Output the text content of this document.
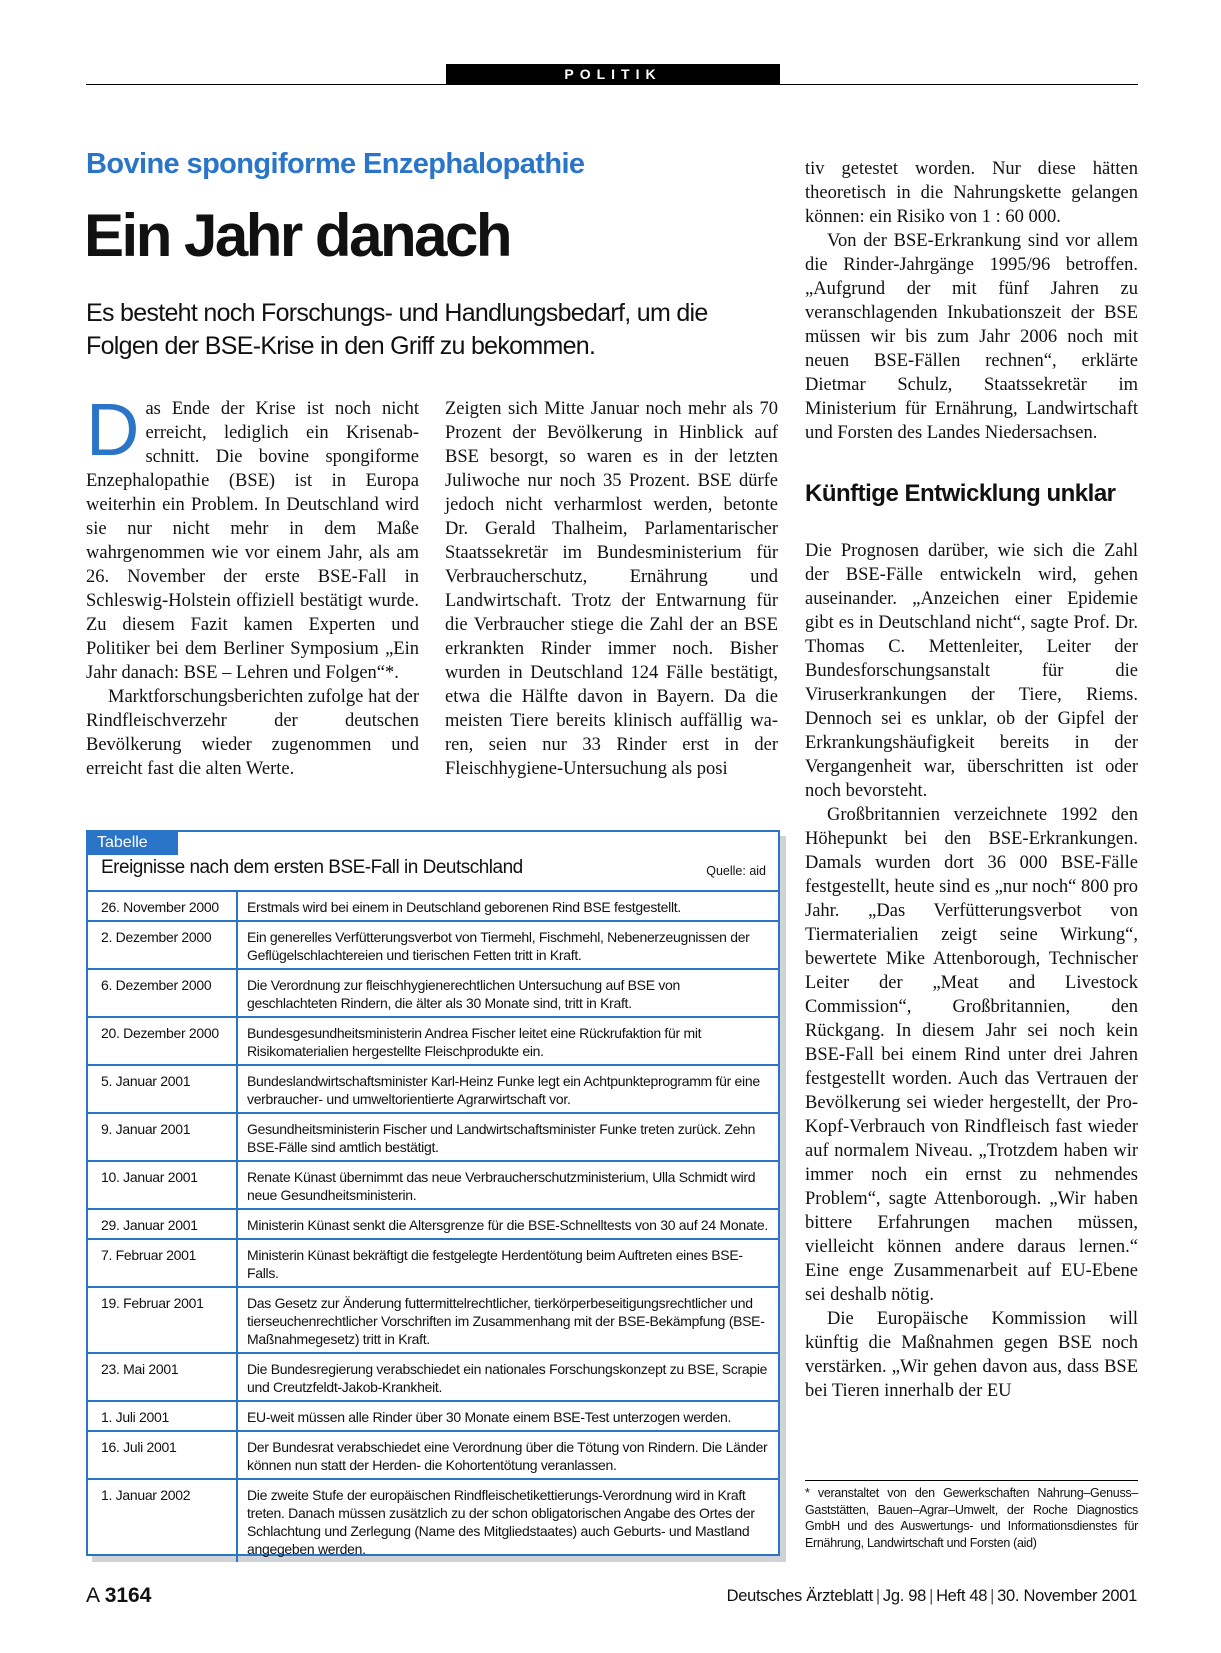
POLITIK
Bovine spongiforme Enzephalopathie
Ein Jahr danach
Es besteht noch Forschungs- und Handlungsbedarf, um die Folgen der BSE-Krise in den Griff zu bekommen.

Das Ende der Krise ist noch nicht erreicht, lediglich ein Krisenabschnitt. Die bovine spongiforme Enzephalopathie (BSE) ist in Europa weiterhin ein Problem. In Deutschland wird sie nur nicht mehr in dem Maße wahrgenommen wie vor einem Jahr, als am 26. November der erste BSE-Fall in Schleswig-Holstein offiziell bestätigt wurde. Zu diesem Fazit kamen Experten und Politiker bei dem Berliner Symposium „Ein Jahr danach: BSE – Lehren und Folgen“*.

Marktforschungsberichten zufolge hat der Rindfleischverzehr der deutschen Bevölkerung wieder zugenommen und erreicht fast die alten Werte.

Zeigten sich Mitte Januar noch mehr als 70 Prozent der Bevölkerung in Hinblick auf BSE besorgt, so waren es in der letzten Juliwoche nur noch 35 Prozent. BSE dürfe jedoch nicht verharmlost werden, betonte Dr. Gerald Thalheim, Parlamentarischer Staatssekretär im Bundesministerium für Verbraucherschutz, Ernährung und Landwirtschaft. Trotz der Entwarnung für die Verbraucher stiege die Zahl der an BSE erkrankten Rinder immer noch. Bisher wurden in Deutschland 124 Fälle bestätigt, etwa die Hälfte davon in Bayern. Da die meisten Tiere bereits klinisch auffällig waren, seien nur 33 Rinder erst in der Fleischhygiene-Untersuchung als posi

tiv getestet worden. Nur diese hätten theoretisch in die Nahrungskette gelangen können: ein Risiko von 1 : 60 000.

Von der BSE-Erkrankung sind vor allem die Rinder-Jahrgänge 1995/96 betroffen. „Aufgrund der mit fünf Jahren zu veranschlagenden Inkubationszeit der BSE müssen wir bis zum Jahr 2006 noch mit neuen BSE-Fällen rechnen“, erklärte Dietmar Schulz, Staatssekretär im Ministerium für Ernährung, Landwirtschaft und Forsten des Landes Niedersachsen.

Künftige Entwicklung unklar

Die Prognosen darüber, wie sich die Zahl der BSE-Fälle entwickeln wird, gehen auseinander. „Anzeichen einer Epidemie gibt es in Deutschland nicht“, sagte Prof. Dr. Thomas C. Mettenleiter, Leiter der Bundesforschungsanstalt für die Viruserkrankungen der Tiere, Riems. Dennoch sei es unklar, ob der Gipfel der Erkrankungshäufigkeit bereits in der Vergangenheit war, überschritten ist oder noch bevorsteht.

Großbritannien verzeichnete 1992 den Höhepunkt bei den BSE-Erkrankungen. Damals wurden dort 36 000 BSE-Fälle festgestellt, heute sind es „nur noch“ 800 pro Jahr. „Das Verfütterungsverbot von Tiermaterialien zeigt seine Wirkung“, bewertete Mike Attenborough, Technischer Leiter der „Meat and Livestock Commission“, Großbritannien, den Rückgang. In diesem Jahr sei noch kein BSE-Fall bei einem Rind unter drei Jahren festgestellt worden. Auch das Vertrauen der Bevölkerung sei wieder hergestellt, der Pro-Kopf-Verbrauch von Rindfleisch fast wieder auf normalem Niveau. „Trotzdem haben wir immer noch ein ernst zu nehmendes Problem“, sagte Attenborough. „Wir haben bittere Erfahrungen machen müssen, vielleicht können andere daraus lernen.“ Eine enge Zusammenarbeit auf EU-Ebene sei deshalb nötig.

Die Europäische Kommission will künftig die Maßnahmen gegen BSE noch verstärken. „Wir gehen davon aus, dass BSE bei Tieren innerhalb der EU

Tabelle
Ereignisse nach dem ersten BSE-Fall in Deutschland	Quelle: aid
26. November 2000	Erstmals wird bei einem in Deutschland geborenen Rind BSE festgestellt.
2. Dezember 2000	Ein generelles Verfütterungsverbot von Tiermehl, Fischmehl, Nebenerzeugnissen der Geflügelschlachtereien und tierischen Fetten tritt in Kraft.
6. Dezember 2000	Die Verordnung zur fleischhygienerechtlichen Untersuchung auf BSE von geschlachteten Rindern, die älter als 30 Monate sind, tritt in Kraft.
20. Dezember 2000	Bundesgesundheitsministerin Andrea Fischer leitet eine Rückrufaktion für mit Risikomaterialien hergestellte Fleischprodukte ein.
5. Januar 2001	Bundeslandwirtschaftsminister Karl-Heinz Funke legt ein Achtpunkteprogramm für eine verbraucher- und umweltorientierte Agrarwirtschaft vor.
9. Januar 2001	Gesundheitsministerin Fischer und Landwirtschaftsminister Funke treten zurück. Zehn BSE-Fälle sind amtlich bestätigt.
10. Januar 2001	Renate Künast übernimmt das neue Verbraucherschutzministerium, Ulla Schmidt wird neue Gesundheitsministerin.
29. Januar 2001	Ministerin Künast senkt die Altersgrenze für die BSE-Schnelltests von 30 auf 24 Monate.
7. Februar 2001	Ministerin Künast bekräftigt die festgelegte Herdentötung beim Auftreten eines BSE-Falls.
19. Februar 2001	Das Gesetz zur Änderung futtermittelrechtlicher, tierkörperbeseitigungsrechtlicher und tierseuchenrechtlicher Vorschriften im Zusammenhang mit der BSE-Bekämpfung (BSE-Maßnahmegesetz) tritt in Kraft.
23. Mai 2001	Die Bundesregierung verabschiedet ein nationales Forschungskonzept zu BSE, Scrapie und Creutzfeldt-Jakob-Krankheit.
1. Juli 2001	EU-weit müssen alle Rinder über 30 Monate einem BSE-Test unterzogen werden.
16. Juli 2001	Der Bundesrat verabschiedet eine Verordnung über die Tötung von Rindern. Die Länder können nun statt der Herden- die Kohortentötung veranlassen.
1. Januar 2002	Die zweite Stufe der europäischen Rindfleischetikettierungs-Verordnung wird in Kraft treten. Danach müssen zusätzlich zu der schon obligatorischen Angabe des Ortes der Schlachtung und Zerlegung (Name des Mitgliedstaates) auch Geburts- und Mastland angegeben werden.
* veranstaltet von den Gewerkschaften Nahrung–Genuss–Gaststätten, Bauen–Agrar–Umwelt, der Roche Diagnostics GmbH und des Auswertungs- und Informationsdienstes für Ernährung, Landwirtschaft und Forsten (aid)
A 3164	Deutsches Ärzteblatt | Jg. 98 | Heft 48 | 30. November 2001
